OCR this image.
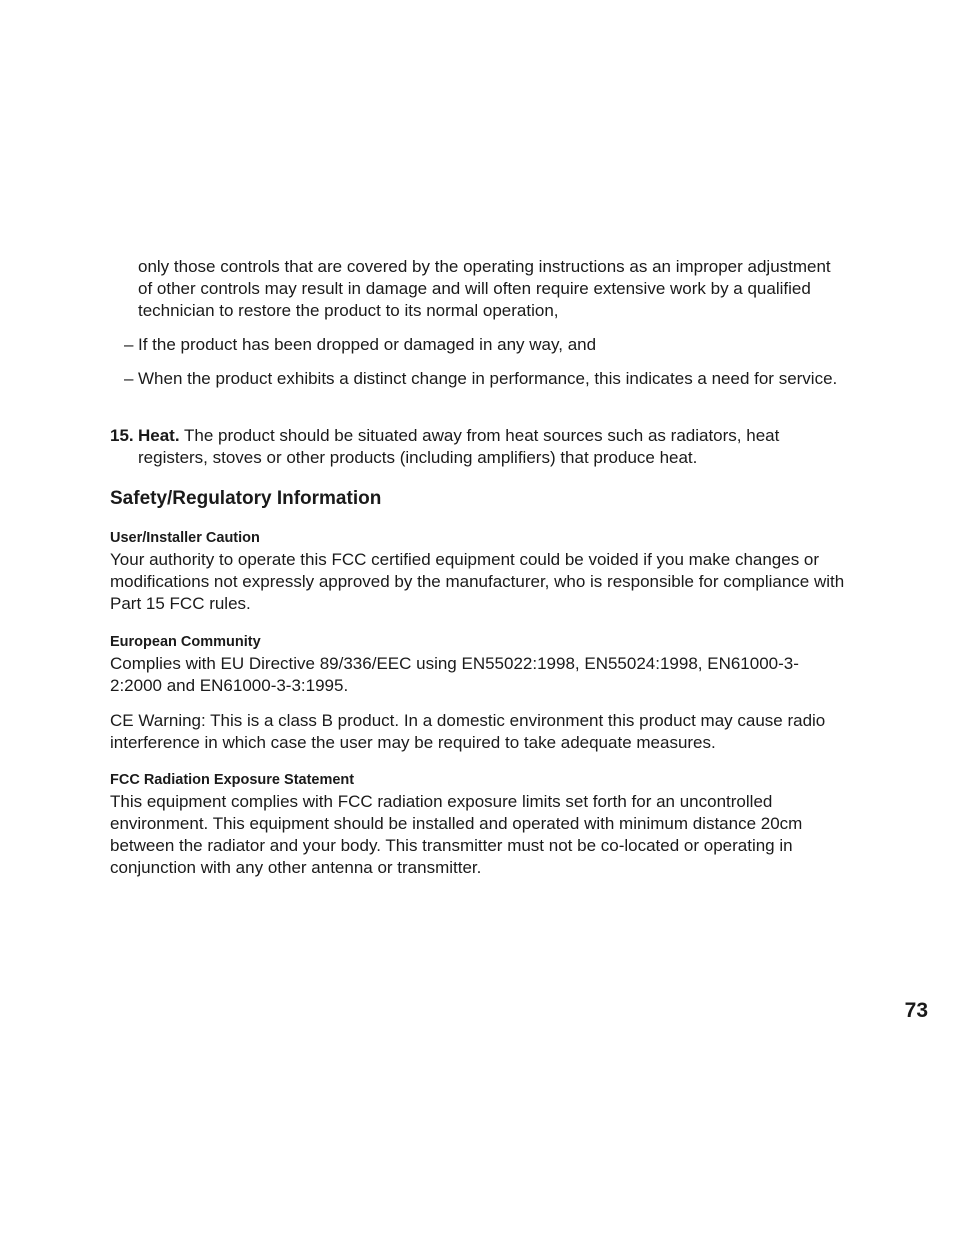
only those controls that are covered by the operating instructions as an improper adjustment of other controls may result in damage and will often require extensive work by a qualified technician to restore the product to its normal operation,

– If the product has been dropped or damaged in any way, and

– When the product exhibits a distinct change in performance, this indicates a need for service.

15. Heat. The product should be situated away from heat sources such as radiators, heat registers, stoves or other products (including amplifiers) that produce heat.

Safety/Regulatory Information
User/Installer Caution

Your authority to operate this FCC certified equipment could be voided if you make changes or modifications not expressly approved by the manufacturer, who is responsible for compliance with Part 15 FCC rules.

European Community

Complies with EU Directive 89/336/EEC using EN55022:1998, EN55024:1998, EN61000-3-2:2000 and EN61000-3-3:1995.

CE Warning: This is a class B product. In a domestic environment this product may cause radio interference in which case the user may be required to take adequate measures.

FCC Radiation Exposure Statement

This equipment complies with FCC radiation exposure limits set forth for an uncontrolled environment. This equipment should be installed and operated with minimum distance 20cm between the radiator and your body. This transmitter must not be co-located or operating in conjunction with any other antenna or transmitter.

73
